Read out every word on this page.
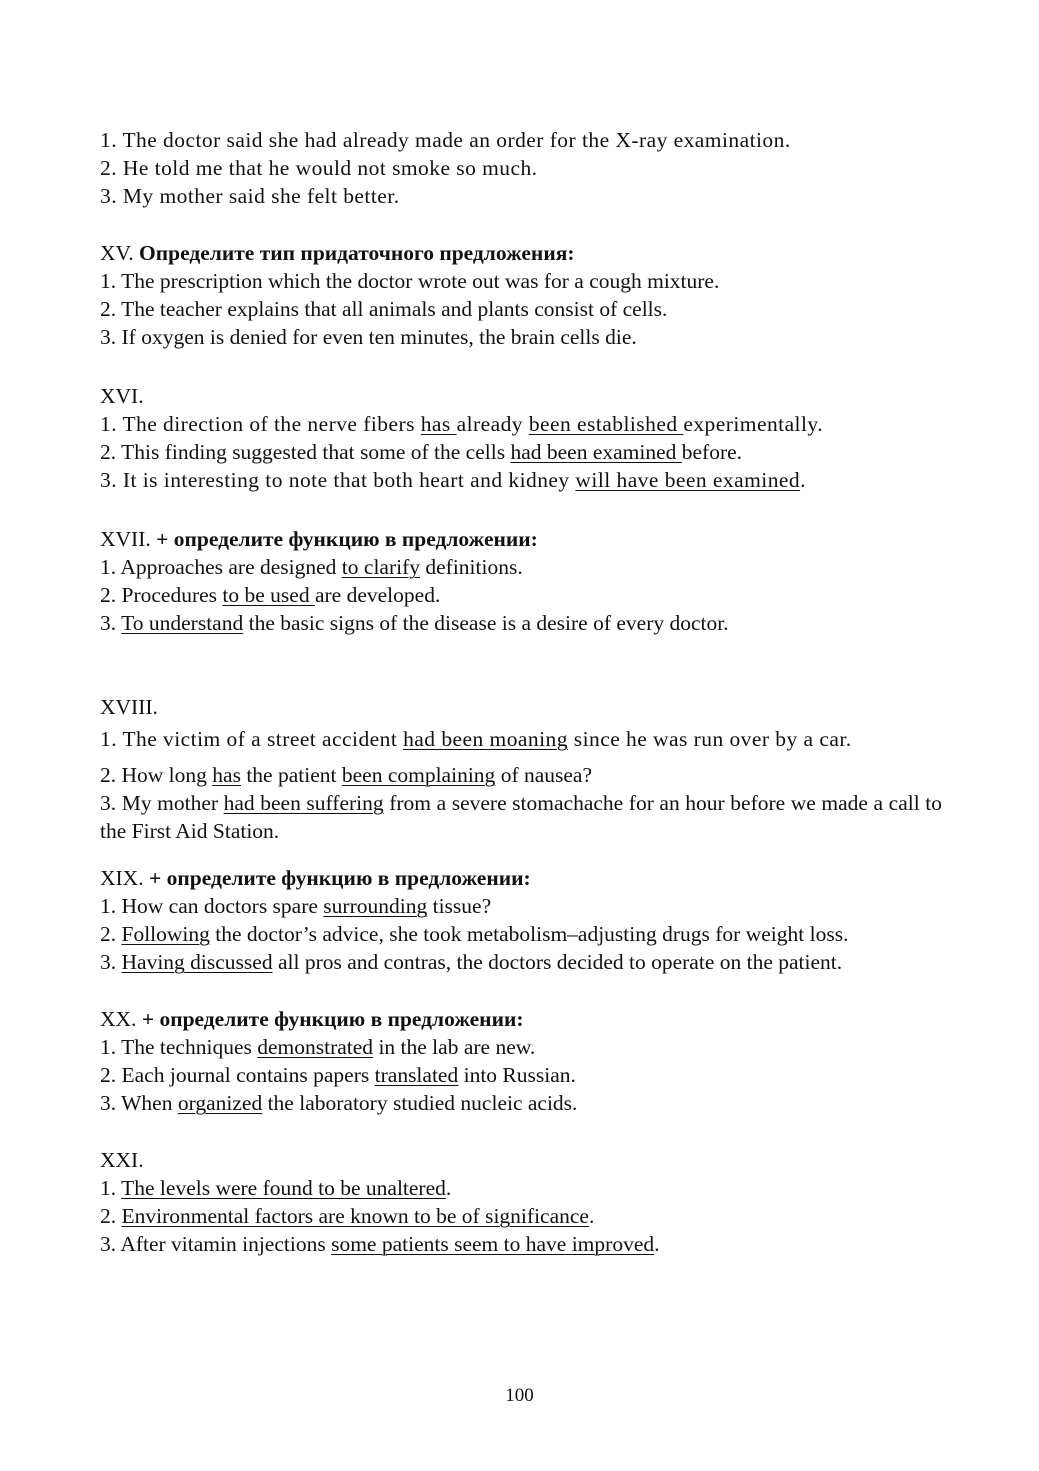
1. The doctor said she had already made an order for the X-ray examination.

2. He told me that he would not smoke so much.

3. My mother said she felt better.

XV. Определите тип придаточного предложения:

1. The prescription which the doctor wrote out was for a cough mixture.

2. The teacher explains that all animals and plants consist of cells.

3. If oxygen is denied for even ten minutes, the brain cells die.

XVI.

1. The direction of the nerve fibers has already been established experimentally.

2. This finding suggested that some of the cells had been examined before.

3. It is interesting to note that both heart and kidney will have been examined.

XVII. + определите функцию в предложении:

1. Approaches are designed to clarify definitions.

2. Procedures to be used are developed.

3. To understand the basic signs of the disease is a desire of every doctor.

XVIII.

1. The victim of a street accident had been moaning since he was run over by a car.

2. How long has the patient been complaining of nausea?

3. My mother had been suffering from a severe stomachache for an hour before we made a call to the First Aid Station.

XIX. + определите функцию в предложении:

1. How can doctors spare surrounding tissue?

2. Following the doctor’s advice, she took metabolism–adjusting drugs for weight loss.

3. Having discussed all pros and contras, the doctors decided to operate on the patient.

XX. + определите функцию в предложении:

1. The techniques demonstrated in the lab are new.

2. Each journal contains papers translated into Russian.

3. When organized the laboratory studied nucleic acids.

XXI.

1. The levels were found to be unaltered.

2. Environmental factors are known to be of significance.

3. After vitamin injections some patients seem to have improved.

100
